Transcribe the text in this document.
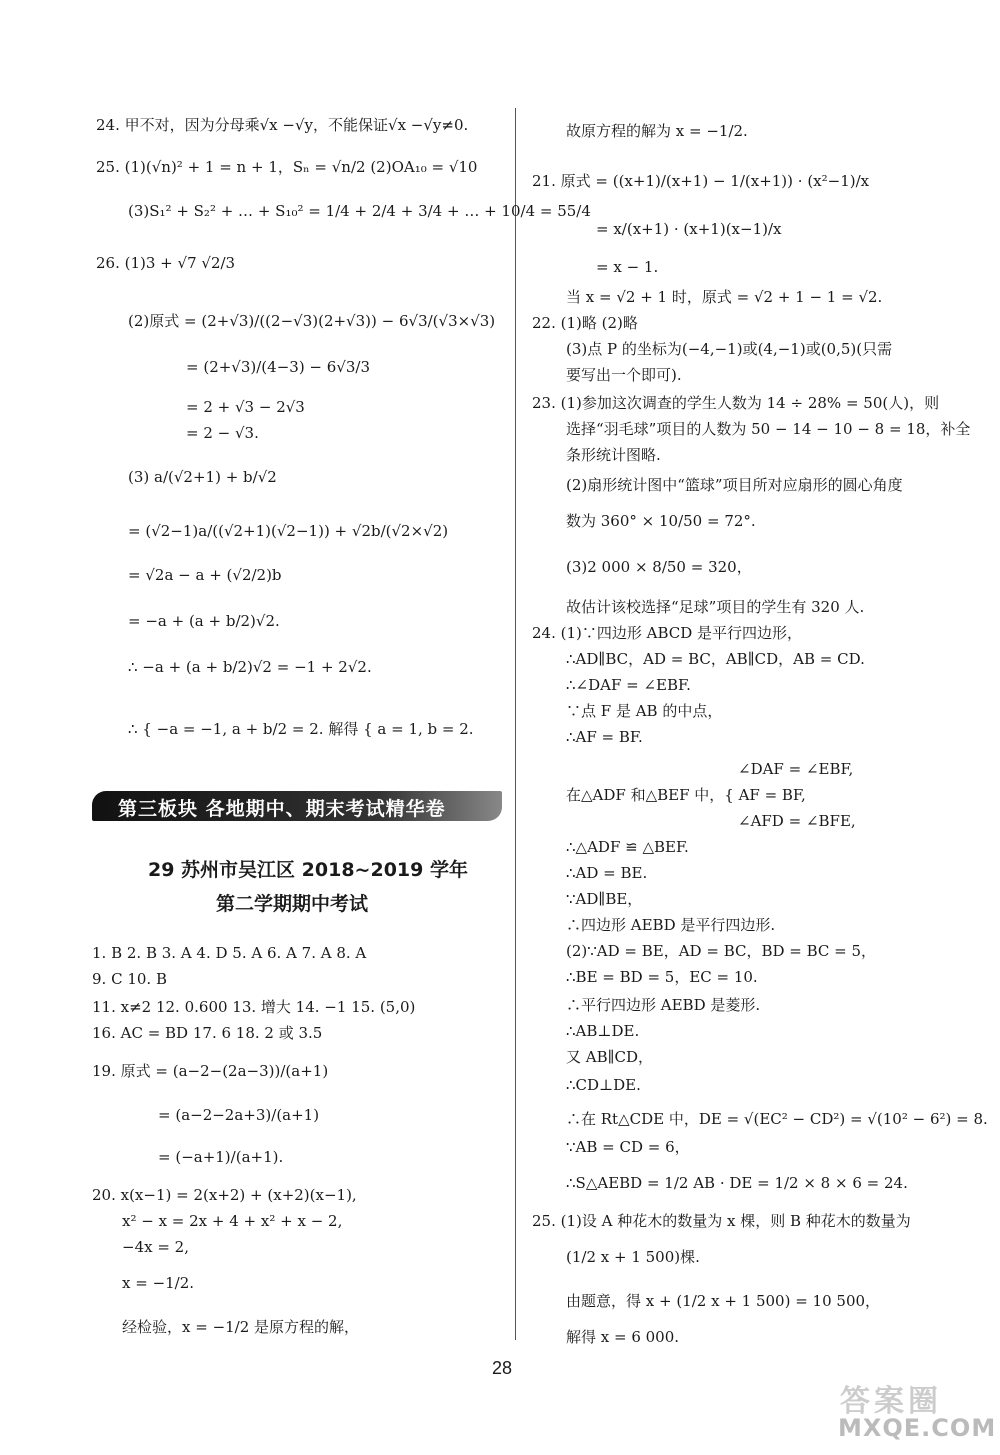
24. 甲不对，因为分母乘√x −√y，不能保证√x −√y≠0.
25. (1)(√n)² + 1 = n + 1，Sₙ = √n/2 (2)OA₁₀ = √10
(3)S₁² + S₂² + … + S₁₀² = 1/4 + 2/4 + 3/4 + … + 10/4 = 55/4
26. (1)3 + √7 √2/3
(2)原式 = (2+√3)/((2−√3)(2+√3)) − 6√3/(√3×√3)
= (2+√3)/(4−3) − 6√3/3
= 2 + √3 − 2√3
= 2 − √3.
(3) a/(√2+1) + b/√2
= (√2−1)a/((√2+1)(√2−1)) + √2b/(√2×√2)
= √2a − a + (√2/2)b
= −a + (a + b/2)√2.
∴ −a + (a + b/2)√2 = −1 + 2√2.
∴ { −a = −1, a + b/2 = 2. 解得 { a = 1, b = 2.
1. B 2. B 3. A 4. D 5. A 6. A 7. A 8. A
9. C 10. B
11. x≠2 12. 0.600 13. 增大 14. −1 15. (5,0)
16. AC = BD 17. 6 18. 2 或 3.5
19. 原式 = (a−2−(2a−3))/(a+1)
= (a−2−2a+3)/(a+1)
= (−a+1)/(a+1).
20. x(x−1) = 2(x+2) + (x+2)(x−1),
x² − x = 2x + 4 + x² + x − 2,
−4x = 2,
x = −1/2.
经检验，x = −1/2 是原方程的解，
故原方程的解为 x = −1/2.
21. 原式 = ((x+1)/(x+1) − 1/(x+1)) · (x²−1)/x
= x/(x+1) · (x+1)(x−1)/x
= x − 1.
当 x = √2 + 1 时，原式 = √2 + 1 − 1 = √2.
22. (1)略 (2)略
(3)点 P 的坐标为(−4,−1)或(4,−1)或(0,5)(只需
要写出一个即可).
23. (1)参加这次调查的学生人数为 14 ÷ 28% = 50(人)，则
选择“羽毛球”项目的人数为 50 − 14 − 10 − 8 = 18，补全
条形统计图略.
(2)扇形统计图中“篮球”项目所对应扇形的圆心角度
数为 360° × 10/50 = 72°.
(3)2 000 × 8/50 = 320，
故估计该校选择“足球”项目的学生有 320 人.
24. (1)∵四边形 ABCD 是平行四边形，
∴AD∥BC，AD = BC，AB∥CD，AB = CD.
∴∠DAF = ∠EBF.
∵点 F 是 AB 的中点，
∴AF = BF.
∠DAF = ∠EBF,
在△ADF 和△BEF 中，{ AF = BF,
∠AFD = ∠BFE,
∴△ADF ≌ △BEF.
∴AD = BE.
∵AD∥BE，
∴四边形 AEBD 是平行四边形.
(2)∵AD = BE，AD = BC，BD = BC = 5，
∴BE = BD = 5，EC = 10.
∴平行四边形 AEBD 是菱形.
∴AB⊥DE.
又 AB∥CD，
∴CD⊥DE.
∴在 Rt△CDE 中，DE = √(EC² − CD²) = √(10² − 6²) = 8.
∵AB = CD = 6，
∴S△AEBD = 1/2 AB · DE = 1/2 × 8 × 6 = 24.
25. (1)设 A 种花木的数量为 x 棵，则 B 种花木的数量为
(1/2 x + 1 500)棵.
由题意，得 x + (1/2 x + 1 500) = 10 500，
解得 x = 6 000.
第三板块 各地期中、期末考试精华卷
29 苏州市吴江区 2018~2019 学年
第二学期期中考试
28
答案圈
MXQE.COM
